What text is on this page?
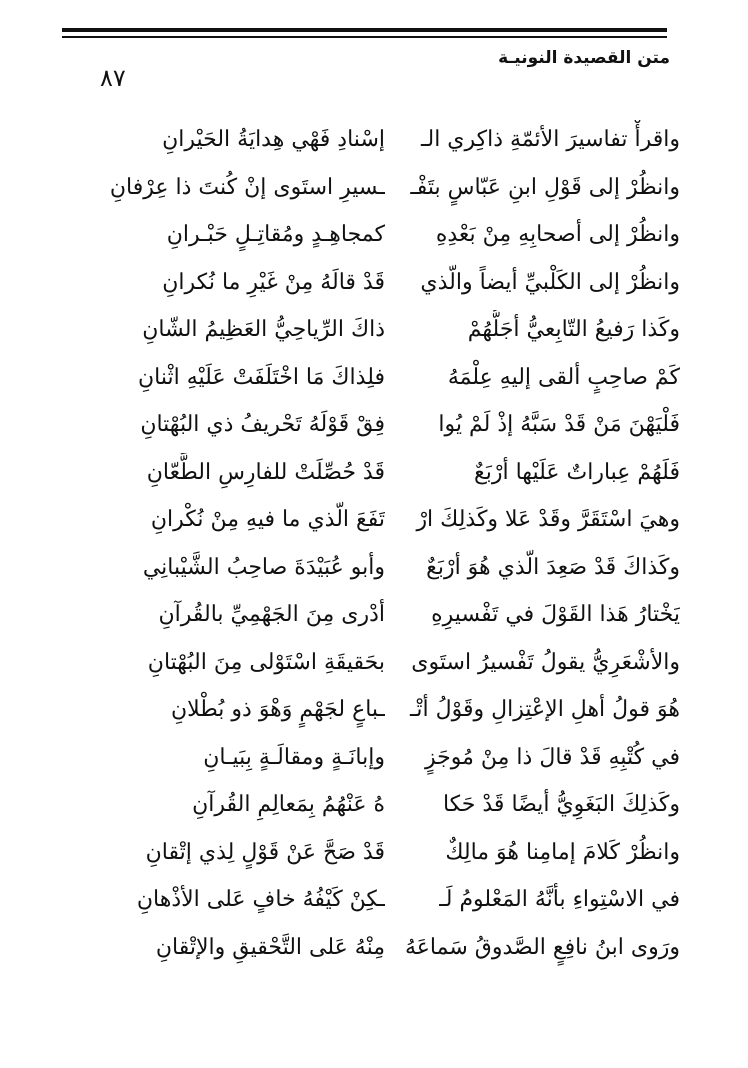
متن القصيدة النونيـة
٨٧
واقرأْ تفاسيرَ الأئمّةِ ذاكِري الـ
إسْنادِ فَهْي هِدايَةُ الحَيْرانِ
وانظُرْ إلى قَوْلِ ابنِ عَبّاسٍ بتَفْـ
ـسيرِ استَوى إنْ كُنتَ ذا عِرْفانِ
وانظُرْ إلى أصحابِهِ مِنْ بَعْدِهِ
كمجاهِـدٍ ومُقاتِـلٍ حَبْـرانِ
وانظُرْ إلى الكَلْبيِّ أيضاً والّذي
قَدْ قالَهُ مِنْ غَيْرِ ما نُكرانِ
وكَذا رَفيعُ التّابِعيُّ أجَلُّهُمْ
ذاكَ الرِّياحِيُّ العَظِيمُ الشّانِ
كَمْ صاحِبٍ ألقى إليهِ عِلْمَهُ
فلِذاكَ مَا اخْتَلَفَتْ عَلَيْهِ اثْنانِ
فَلْيَهْنَ مَنْ قَدْ سَبَّهُ إذْ لَمْ يُوا
فِقْ قَوْلَهُ تَحْريفُ ذي البُهْتانِ
فَلَهُمْ عِباراتٌ عَلَيْها أرْبَعٌ
قَدْ حُصِّلَتْ للفارِسِ الطَّعّانِ
وهيَ اسْتَقَرَّ وقَدْ عَلا وكَذلِكَ ارْ
تَفَعَ الّذي ما فيهِ مِنْ نُكْرانِ
وكَذاكَ قَدْ صَعِدَ الّذي هُوَ أرْبَعٌ
وأبو عُبَيْدَةَ صاحِبُ الشَّيْبانِي
يَخْتارُ هَذا القَوْلَ في تَفْسيرِهِ
أدْرى مِنَ الجَهْمِيِّ بالقُرآنِ
والأشْعَرِيُّ يقولُ تَفْسيرُ استَوى
بحَقيقَةِ اسْتَوْلى مِنَ البُهْتانِ
هُوَ قولُ أهلِ الإعْتِزالِ وقَوْلُ أتْـ
ـباعٍ لجَهْمٍ وَهْوَ ذو بُطْلانِ
في كُتْبِهِ قَدْ قالَ ذا مِنْ مُوجَزٍ
وإبانَـةٍ ومقالَـةٍ بِبَيـانِ
وكَذلِكَ البَغَوِيُّ أيضًا قَدْ حَكا
هُ عَنْهُمُ بِمَعالِمِ القُرآنِ
وانظُرْ كَلامَ إمامِنا هُوَ مالِكٌ
قَدْ صَحَّ عَنْ قَوْلٍ لِذي إتْقانِ
في الاسْتِواءِ بأنَّهُ المَعْلومُ لَـ
ـكِنْ كَيْفُهُ خافٍ عَلى الأذْهانِ
ورَوى ابنُ نافِعٍ الصَّدوقُ سَماعَهُ
مِنْهُ عَلى التَّحْقيقِ والإتْقانِ
